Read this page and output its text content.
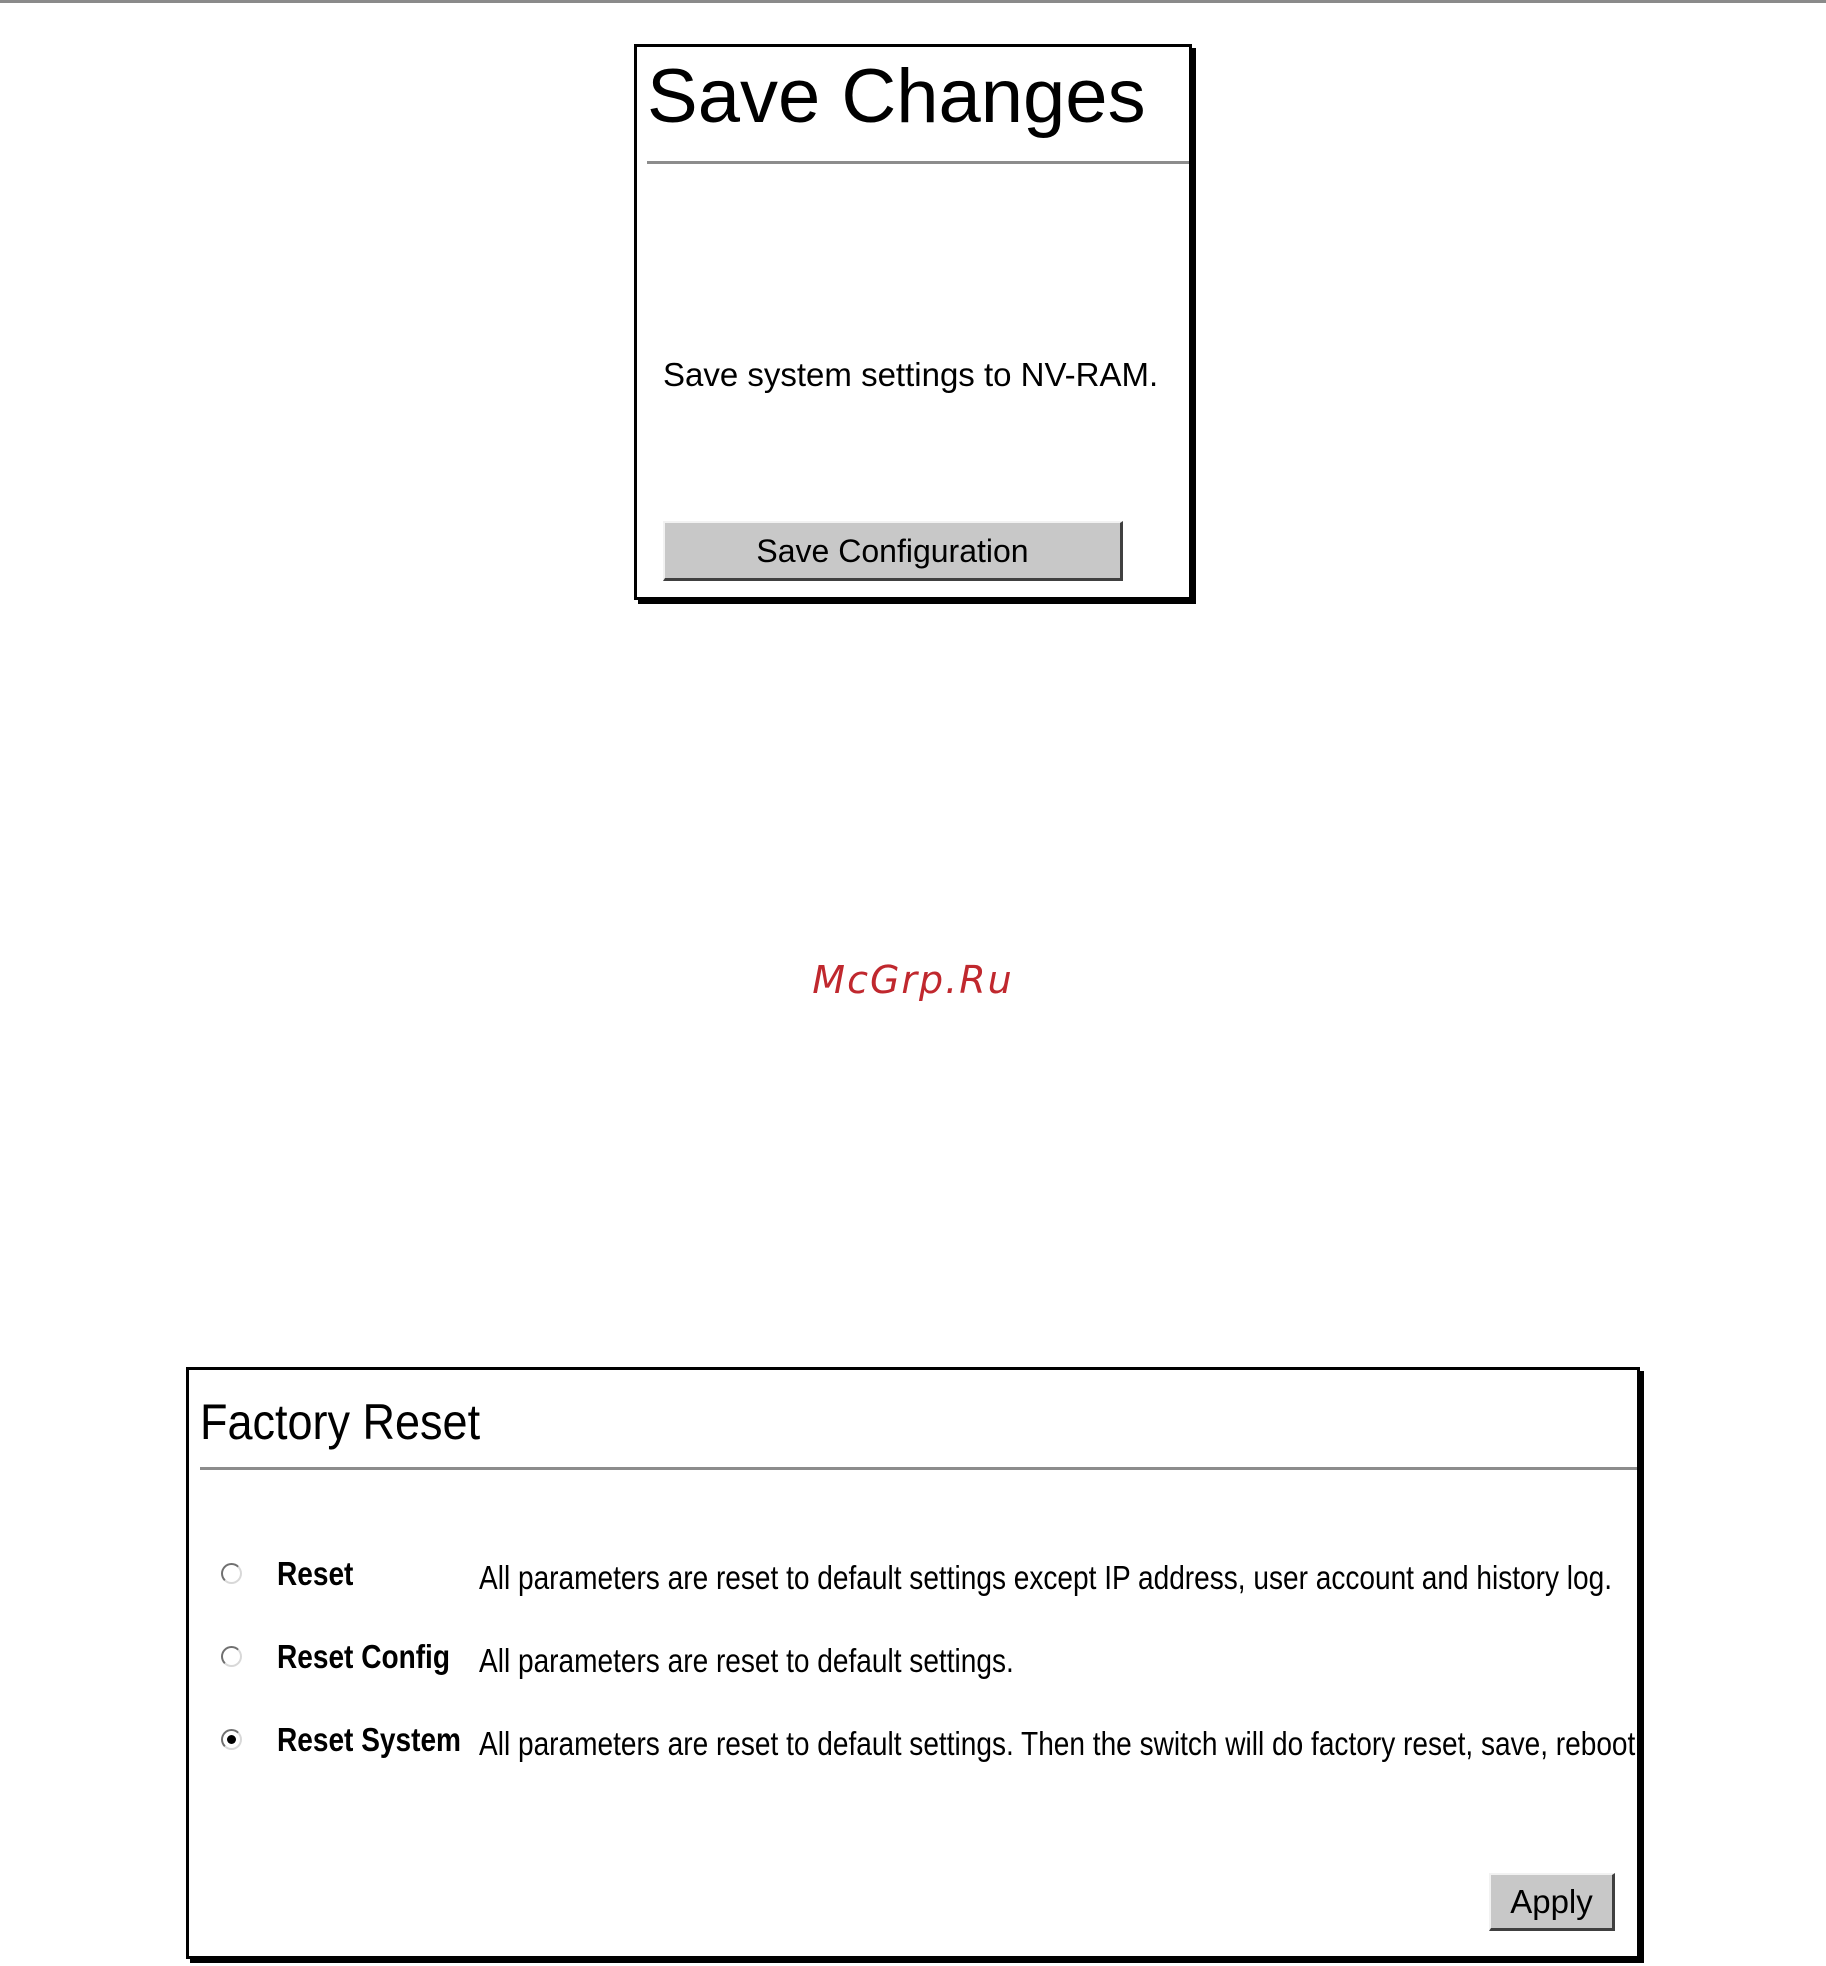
Save Changes

Save system settings to NV-RAM.

Save Configuration
McGrp.Ru
Factory Reset
Reset	All parameters are reset to default settings except IP address, user account and history log.
Reset Config All parameters are reset to default settings.
Reset System All parameters are reset to default settings. Then the switch will do factory reset, save, reboot.
Apply
